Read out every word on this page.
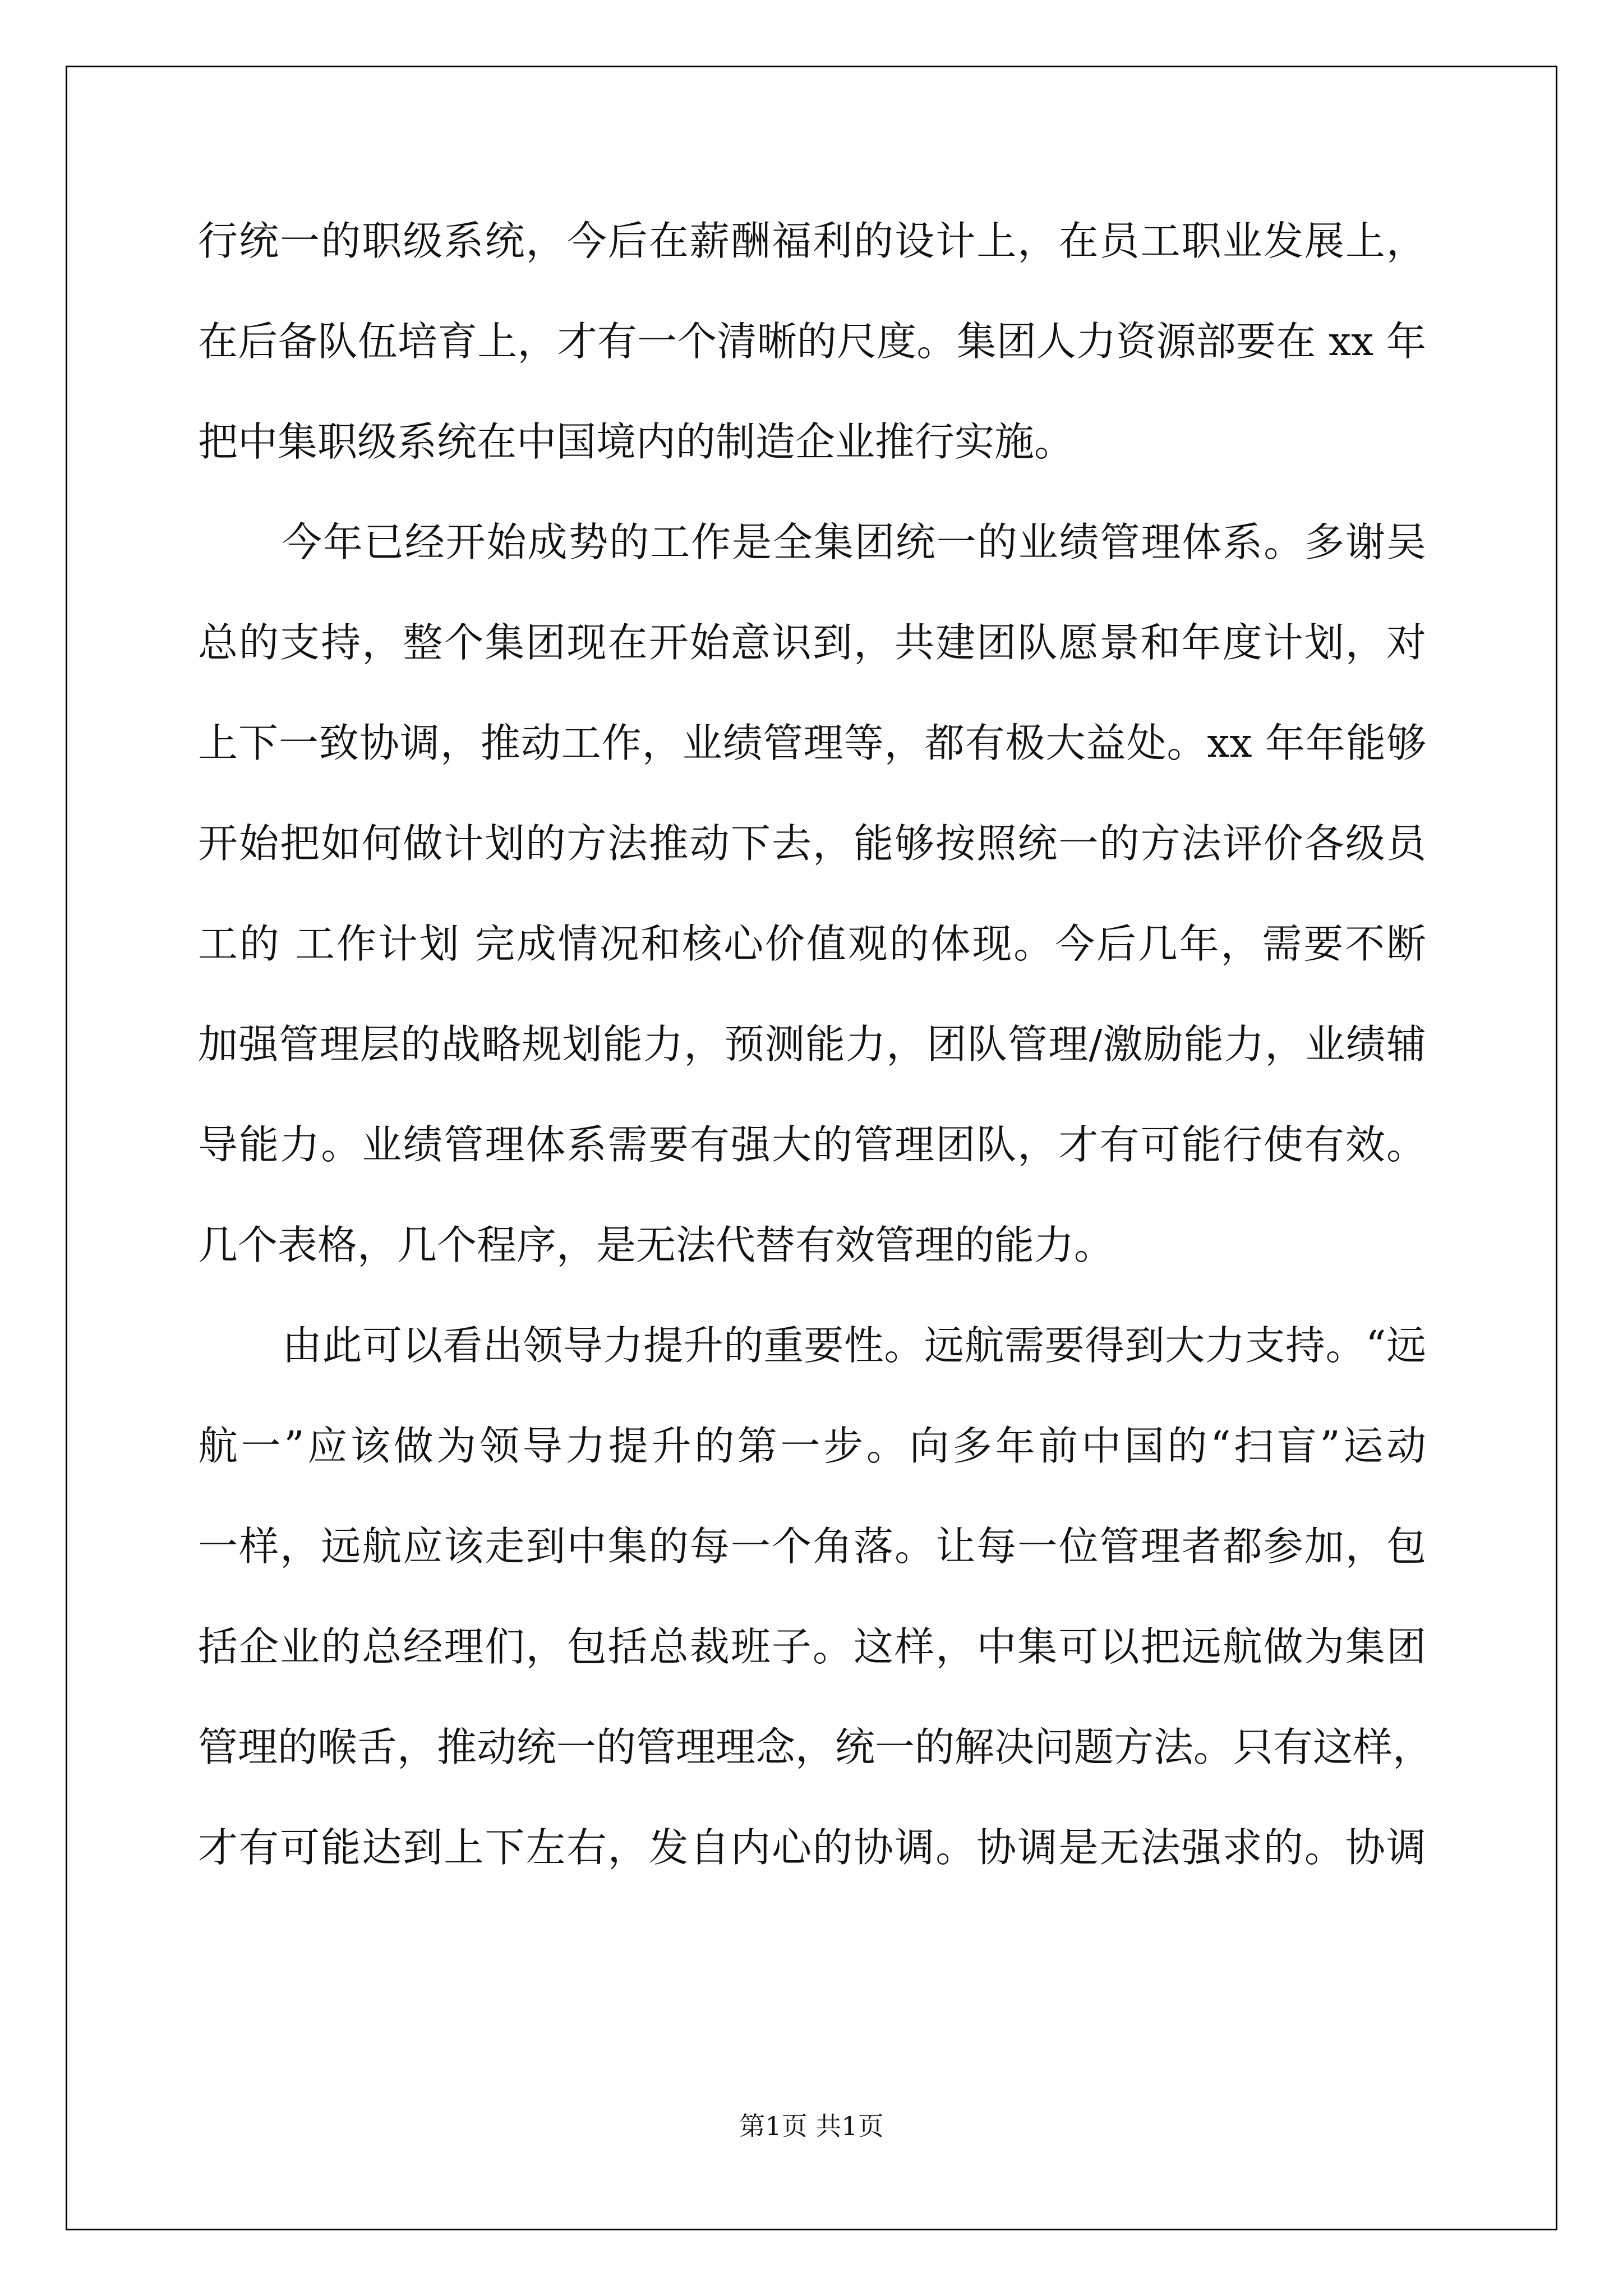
行统一的职级系统，今后在薪酬福利的设计上，在员工职业发展上，
在后备队伍培育上，才有一个清晰的尺度。集团人力资源部要在 xx 年
把中集职级系统在中国境内的制造企业推行实施。
今年已经开始成势的工作是全集团统一的业绩管理体系。多谢吴
总的支持，整个集团现在开始意识到，共建团队愿景和年度计划，对
上下一致协调，推动工作，业绩管理等，都有极大益处。xx 年年能够
开始把如何做计划的方法推动下去，能够按照统一的方法评价各级员
工的 工作计划 完成情况和核心价值观的体现。今后几年，需要不断
加强管理层的战略规划能力，预测能力，团队管理/激励能力，业绩辅
导能力。业绩管理体系需要有强大的管理团队，才有可能行使有效。
几个表格，几个程序，是无法代替有效管理的能力。
由此可以看出领导力提升的重要性。远航需要得到大力支持。“远
航一”应该做为领导力提升的第一步。向多年前中国的“扫盲”运动
一样，远航应该走到中集的每一个角落。让每一位管理者都参加，包
括企业的总经理们，包括总裁班子。这样，中集可以把远航做为集团
管理的喉舌，推动统一的管理理念，统一的解决问题方法。只有这样，
才有可能达到上下左右，发自内心的协调。协调是无法强求的。协调
第1页 共1页
